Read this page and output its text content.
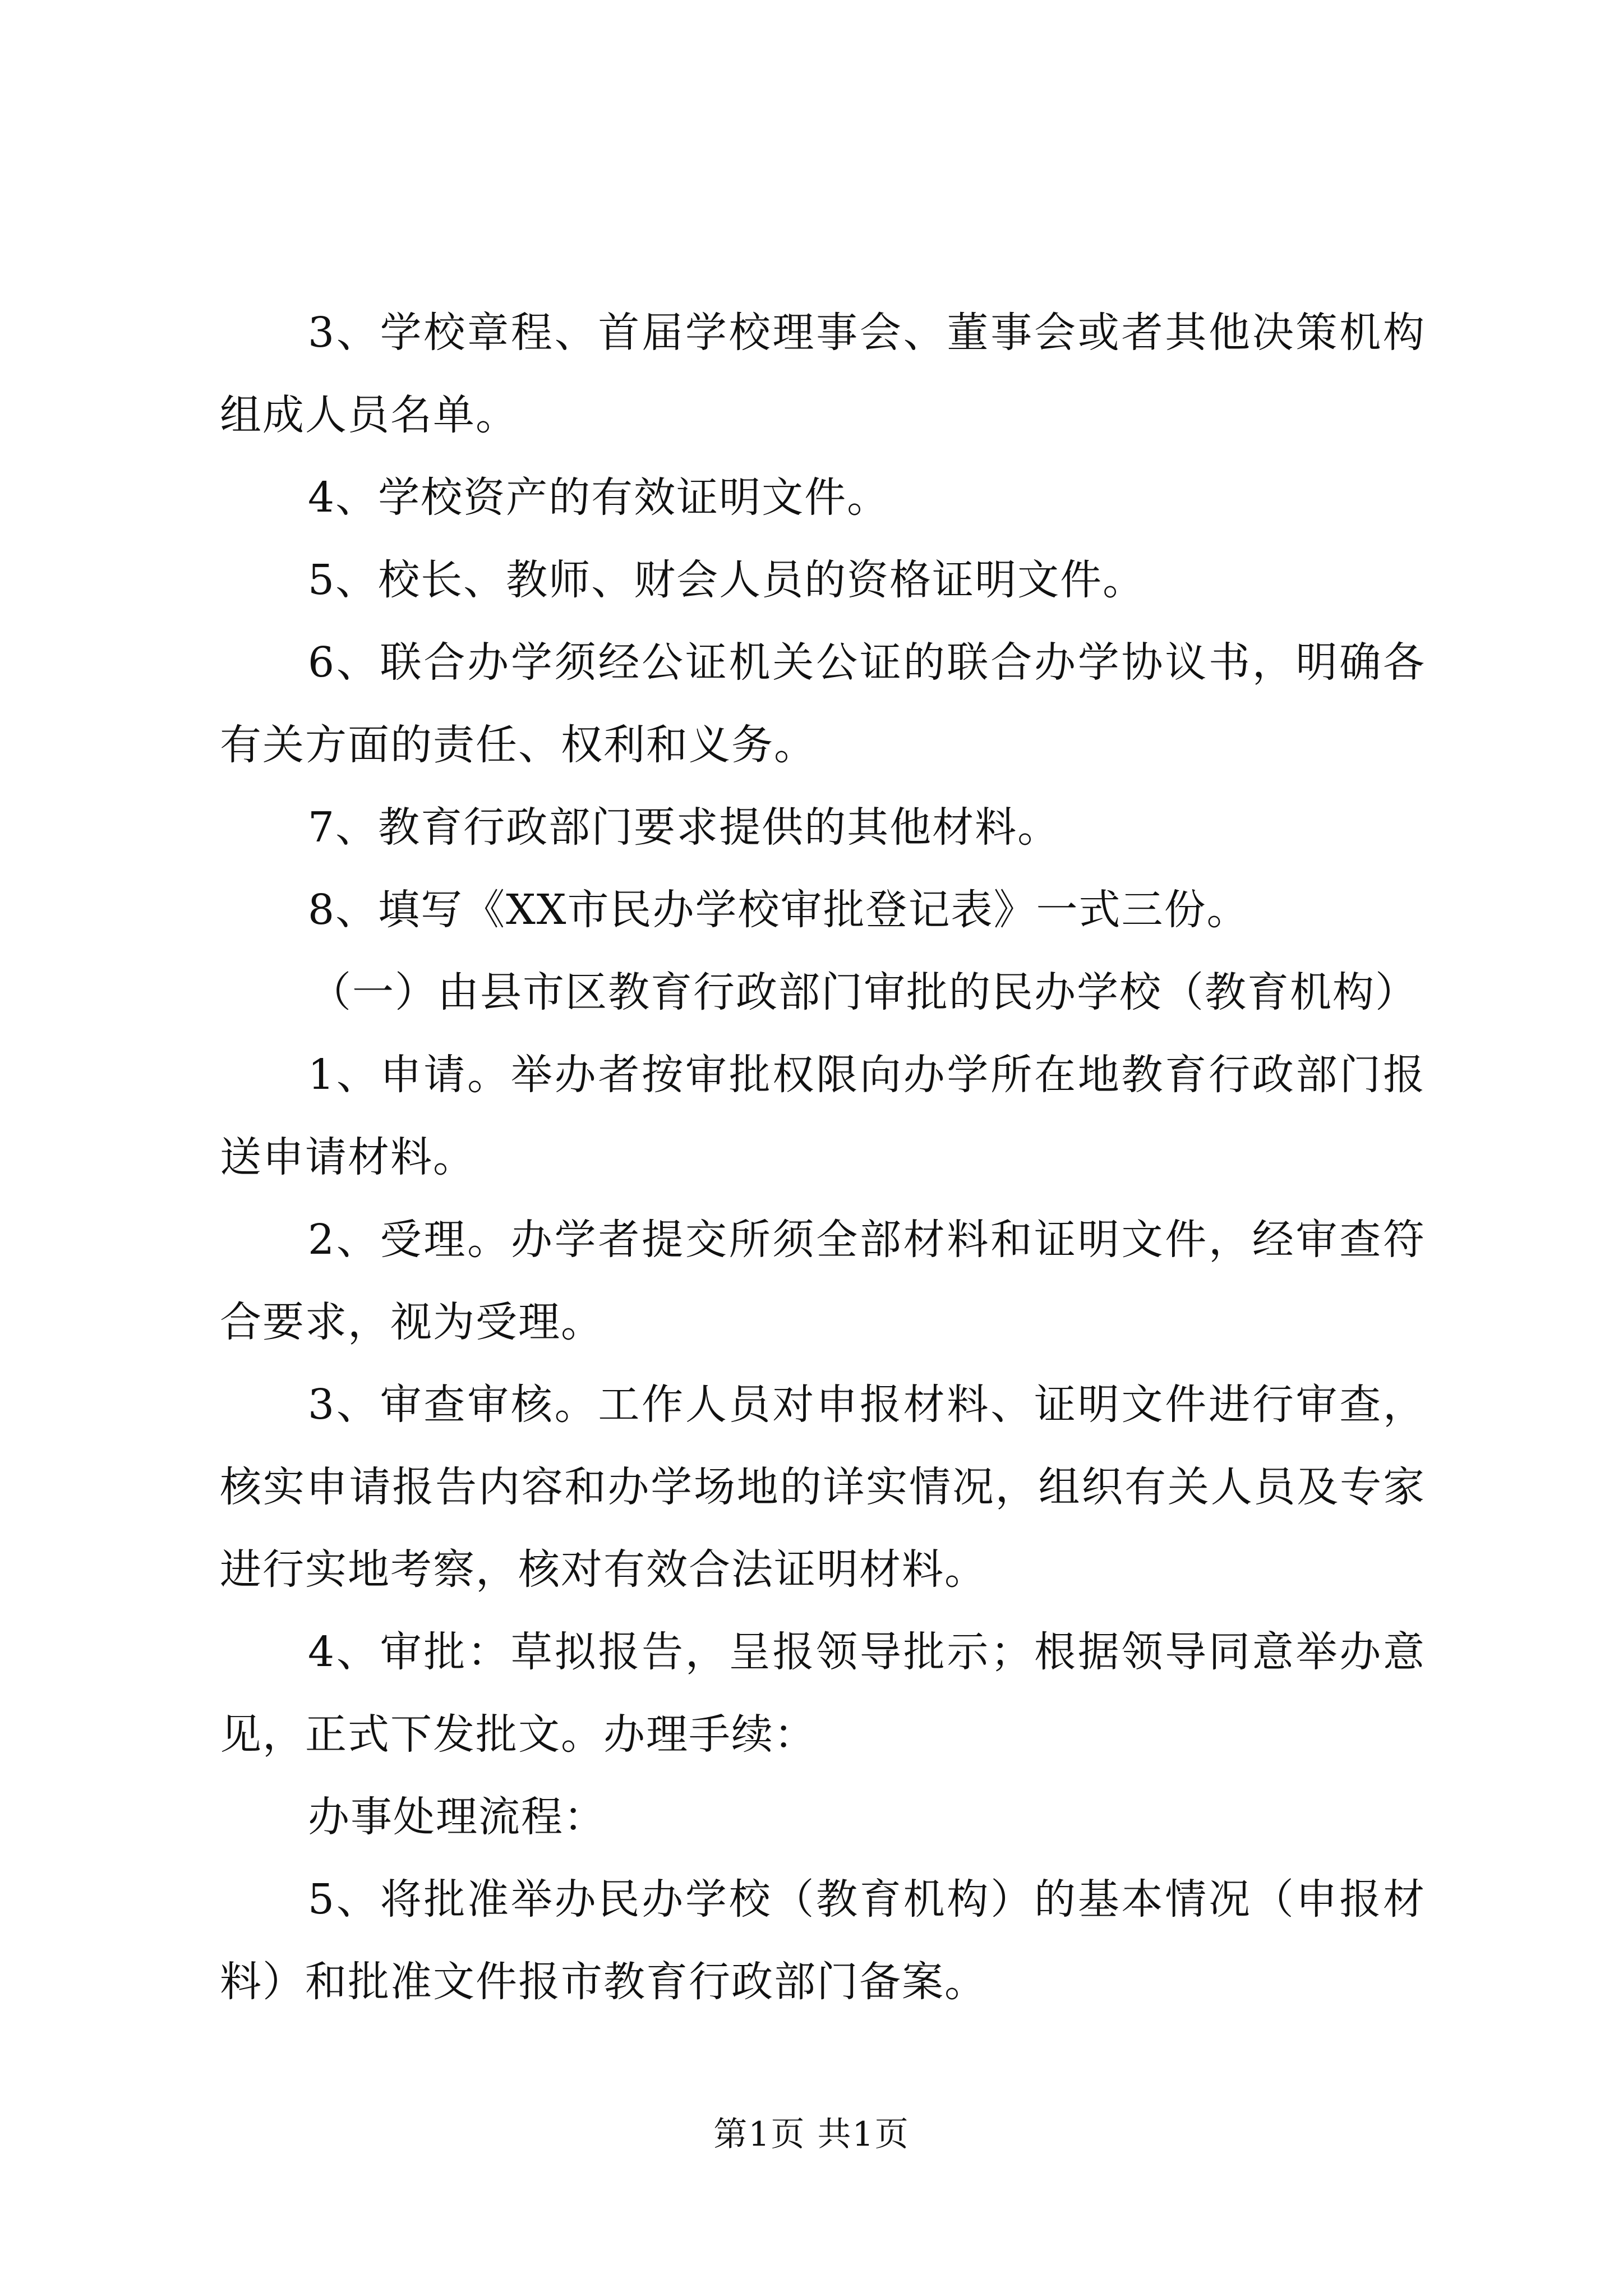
3、学校章程、首届学校理事会、董事会或者其他决策机构组成人员名单。

4、学校资产的有效证明文件。

5、校长、教师、财会人员的资格证明文件。

6、联合办学须经公证机关公证的联合办学协议书，明确各有关方面的责任、权利和义务。

7、教育行政部门要求提供的其他材料。

8、填写《XX市民办学校审批登记表》一式三份。

（一）由县市区教育行政部门审批的民办学校（教育机构）

1、申请。举办者按审批权限向办学所在地教育行政部门报送申请材料。

2、受理。办学者提交所须全部材料和证明文件，经审查符合要求，视为受理。

3、审查审核。工作人员对申报材料、证明文件进行审查，核实申请报告内容和办学场地的详实情况，组织有关人员及专家进行实地考察，核对有效合法证明材料。

4、审批：草拟报告，呈报领导批示；根据领导同意举办意见，正式下发批文。办理手续：

办事处理流程：

5、将批准举办民办学校（教育机构）的基本情况（申报材料）和批准文件报市教育行政部门备案。

第1页 共1页
